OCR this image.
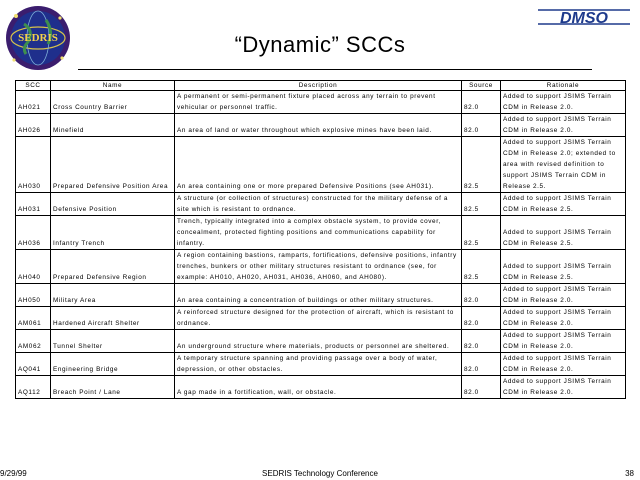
SEDRIS
DMSO
“Dynamic” SCCs
SCC	Name	Description	Source	Rationale
AH021	Cross Country Barrier	A permanent or semi-permanent fixture placed across any terrain to prevent vehicular or personnel traffic.	82.0	Added to support JSIMS Terrain CDM in Release 2.0.
AH026	Minefield	An area of land or water throughout which explosive mines have been laid.	82.0	Added to support JSIMS Terrain CDM in Release 2.0.
AH030	Prepared Defensive Position Area	An area containing one or more prepared Defensive Positions (see AH031).	82.5	Added to support JSIMS Terrain CDM in Release 2.0; extended to area with revised definition to support JSIMS Terrain CDM in Release 2.5.
AH031	Defensive Position	A structure (or collection of structures) constructed for the military defense of a site which is resistant to ordnance.	82.5	Added to support JSIMS Terrain CDM in Release 2.5.
AH036	Infantry Trench	Trench, typically integrated into a complex obstacle system, to provide cover, concealment, protected fighting positions and communications capability for infantry.	82.5	Added to support JSIMS Terrain CDM in Release 2.5.
AH040	Prepared Defensive Region	A region containing bastions, ramparts, fortifications, defensive positions, infantry trenches, bunkers or other military structures resistant to ordnance (see, for example: AH010, AH020, AH031, AH036, AH060, and AH080).	82.5	Added to support JSIMS Terrain CDM in Release 2.5.
AH050	Military Area	An area containing a concentration of buildings or other military structures.	82.0	Added to support JSIMS Terrain CDM in Release 2.0.
AM061	Hardened Aircraft Shelter	A reinforced structure designed for the protection of aircraft, which is resistant to ordnance.	82.0	Added to support JSIMS Terrain CDM in Release 2.0.
AM062	Tunnel Shelter	An underground structure where materials, products or personnel are sheltered.	82.0	Added to support JSIMS Terrain CDM in Release 2.0.
AQ041	Engineering Bridge	A temporary structure spanning and providing passage over a body of water, depression, or other obstacles.	82.0	Added to support JSIMS Terrain CDM in Release 2.0.
AQ112	Breach Point / Lane	A gap made in a fortification, wall, or obstacle.	82.0	Added to support JSIMS Terrain CDM in Release 2.0.
9/29/99	SEDRIS Technology Conference	38
